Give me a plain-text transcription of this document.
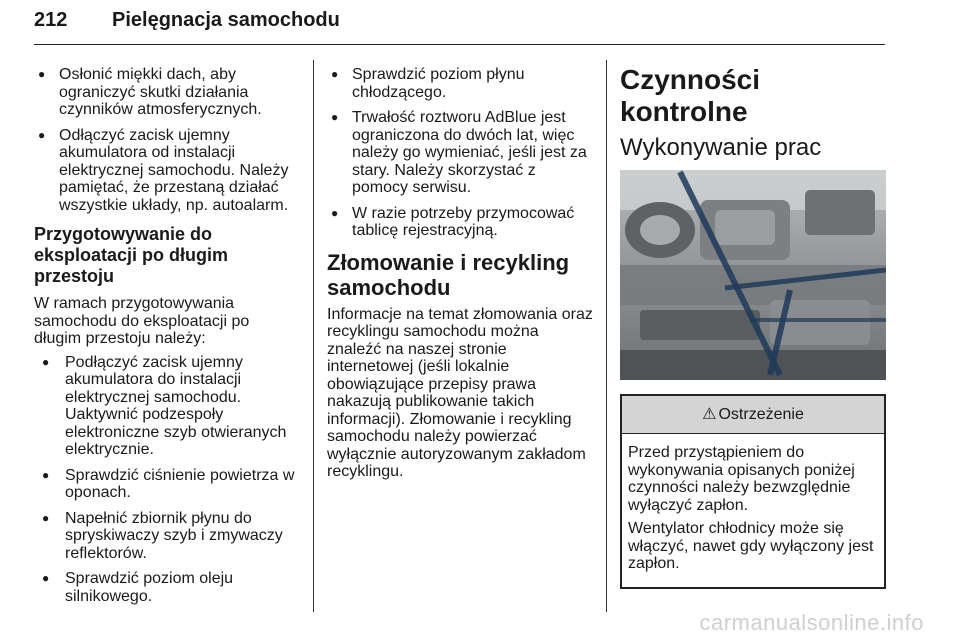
212 Pielęgnacja samochodu
● Osłonić miękki dach, aby ograniczyć skutki działania czynników atmosferycznych.
● Odłączyć zacisk ujemny akumulatora od instalacji elektrycznej samochodu. Należy pamiętać, że przestaną działać wszystkie układy, np. autoalarm.
Przygotowywanie do eksploatacji po długim przestoju

W ramach przygotowywania samochodu do eksploatacji po długim przestoju należy:

● Podłączyć zacisk ujemny akumulatora do instalacji elektrycznej samochodu. Uaktywnić podzespoły elektroniczne szyb otwieranych elektrycznie.
● Sprawdzić ciśnienie powietrza w oponach.
● Napełnić zbiornik płynu do spryskiwaczy szyb i zmywaczy reflektorów.
● Sprawdzić poziom oleju silnikowego.
● Sprawdzić poziom płynu chłodzącego.
● Trwałość roztworu AdBlue jest ograniczona do dwóch lat, więc należy go wymieniać, jeśli jest za stary. Należy skorzystać z pomocy serwisu.
● W razie potrzeby przymocować tablicę rejestracyjną.
Złomowanie i recykling samochodu

Informacje na temat złomowania oraz recyklingu samochodu można znaleźć na naszej stronie internetowej (jeśli lokalnie obowiązujące przepisy prawa nakazują publikowanie takich informacji). Złomowanie i recykling samochodu należy powierzać wyłącznie autoryzowanym zakładom recyklingu.

Czynności kontrolne
Wykonywanie prac
⚠ Ostrzeżenie

Przed przystąpieniem do wykonywania opisanych poniżej czynności należy bezwzględnie wyłączyć zapłon.

Wentylator chłodnicy może się włączyć, nawet gdy wyłączony jest zapłon.

carmanualsonline.info
